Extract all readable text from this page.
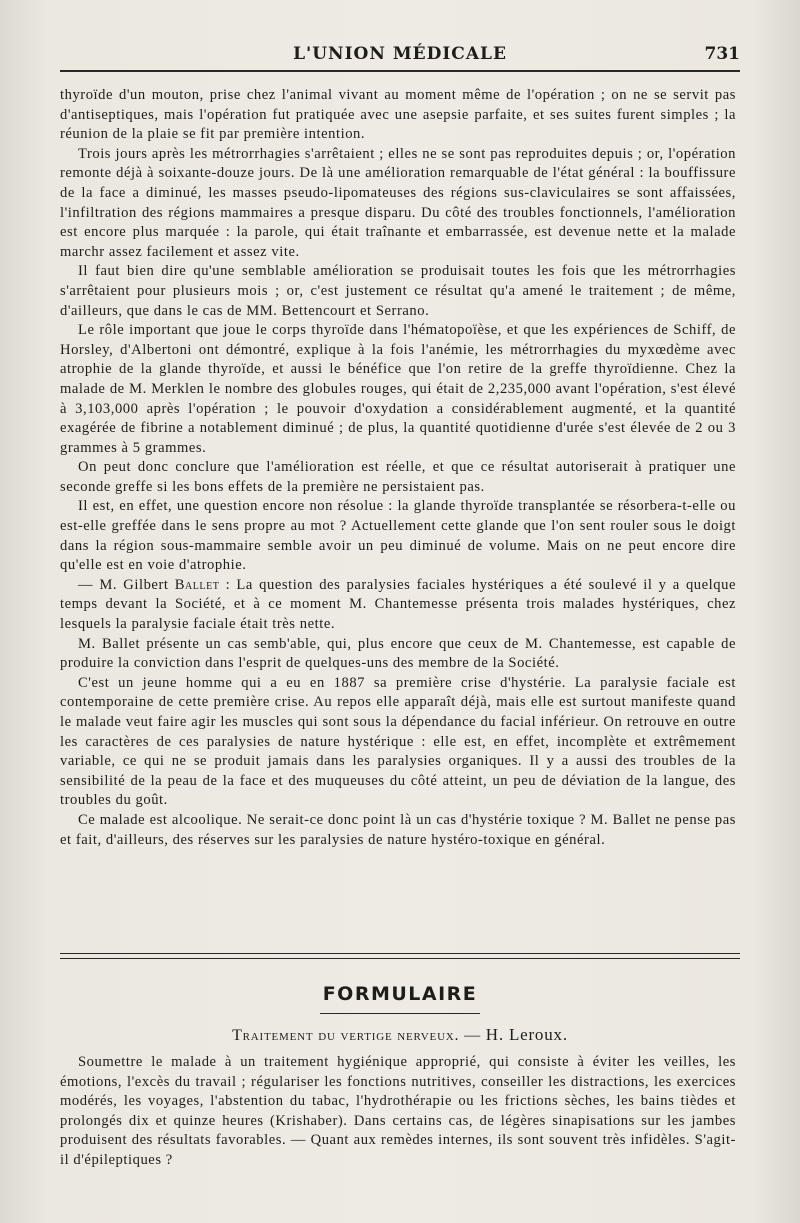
L'UNION MÉDICALE	731

thyroïde d'un mouton, prise chez l'animal vivant au moment même de l'opération ; on ne se servit pas d'antiseptiques, mais l'opération fut pratiquée avec une asepsie parfaite, et ses suites furent simples ; la réunion de la plaie se fit par première intention.

Trois jours après les métrorrhagies s'arrêtaient ; elles ne se sont pas reproduites depuis ; or, l'opération remonte déjà à soixante-douze jours. De là une amélioration remarquable de l'état général : la bouffissure de la face a diminué, les masses pseudo-lipomateuses des régions sus-claviculaires se sont affaissées, l'infiltration des régions mammaires a presque disparu. Du côté des troubles fonctionnels, l'amélioration est encore plus marquée : la parole, qui était traînante et embarrassée, est devenue nette et la malade marchr assez facilement et assez vite.

Il faut bien dire qu'une semblable amélioration se produisait toutes les fois que les métrorrhagies s'arrêtaient pour plusieurs mois ; or, c'est justement ce résultat qu'a amené le traitement ; de même, d'ailleurs, que dans le cas de MM. Bettencourt et Serrano.

Le rôle important que joue le corps thyroïde dans l'hématopoïèse, et que les expériences de Schiff, de Horsley, d'Albertoni ont démontré, explique à la fois l'anémie, les métrorrhagies du myxœdème avec atrophie de la glande thyroïde, et aussi le bénéfice que l'on retire de la greffe thyroïdienne. Chez la malade de M. Merklen le nombre des globules rouges, qui était de 2,235,000 avant l'opération, s'est élevé à 3,103,000 après l'opération ; le pouvoir d'oxydation a considérablement augmenté, et la quantité exagérée de fibrine a notablement diminué ; de plus, la quantité quotidienne d'urée s'est élevée de 2 ou 3 grammes à 5 grammes.

On peut donc conclure que l'amélioration est réelle, et que ce résultat autoriserait à pratiquer une seconde greffe si les bons effets de la première ne persistaient pas.

Il est, en effet, une question encore non résolue : la glande thyroïde transplantée se résorbera-t-elle ou est-elle greffée dans le sens propre au mot ? Actuellement cette glande que l'on sent rouler sous le doigt dans la région sous-mammaire semble avoir un peu diminué de volume. Mais on ne peut encore dire qu'elle est en voie d'atrophie.

— M. Gilbert Ballet : La question des paralysies faciales hystériques a été soulevé il y a quelque temps devant la Société, et à ce moment M. Chantemesse présenta trois malades hystériques, chez lesquels la paralysie faciale était très nette.

M. Ballet présente un cas semb'able, qui, plus encore que ceux de M. Chantemesse, est capable de produire la conviction dans l'esprit de quelques-uns des membre de la Société.

C'est un jeune homme qui a eu en 1887 sa première crise d'hystérie. La paralysie faciale est contemporaine de cette première crise. Au repos elle apparaît déjà, mais elle est surtout manifeste quand le malade veut faire agir les muscles qui sont sous la dépendance du facial inférieur. On retrouve en outre les caractères de ces paralysies de nature hystérique : elle est, en effet, incomplète et extrêmement variable, ce qui ne se produit jamais dans les paralysies organiques. Il y a aussi des troubles de la sensibilité de la peau de la face et des muqueuses du côté atteint, un peu de déviation de la langue, des troubles du goût.

Ce malade est alcoolique. Ne serait-ce donc point là un cas d'hystérie toxique ? M. Ballet ne pense pas et fait, d'ailleurs, des réserves sur les paralysies de nature hystéro-toxique en général.

FORMULAIRE
Traitement du vertige nerveux. — H. Leroux.

Soumettre le malade à un traitement hygiénique approprié, qui consiste à éviter les veilles, les émotions, l'excès du travail ; régulariser les fonctions nutritives, conseiller les distractions, les exercices modérés, les voyages, l'abstention du tabac, l'hydrothérapie ou les frictions sèches, les bains tièdes et prolongés dix et quinze heures (Krishaber). Dans certains cas, de légères sinapisations sur les jambes produisent des résultats favorables. — Quant aux remèdes internes, ils sont souvent très infidèles. S'agit-il d'épileptiques ?
